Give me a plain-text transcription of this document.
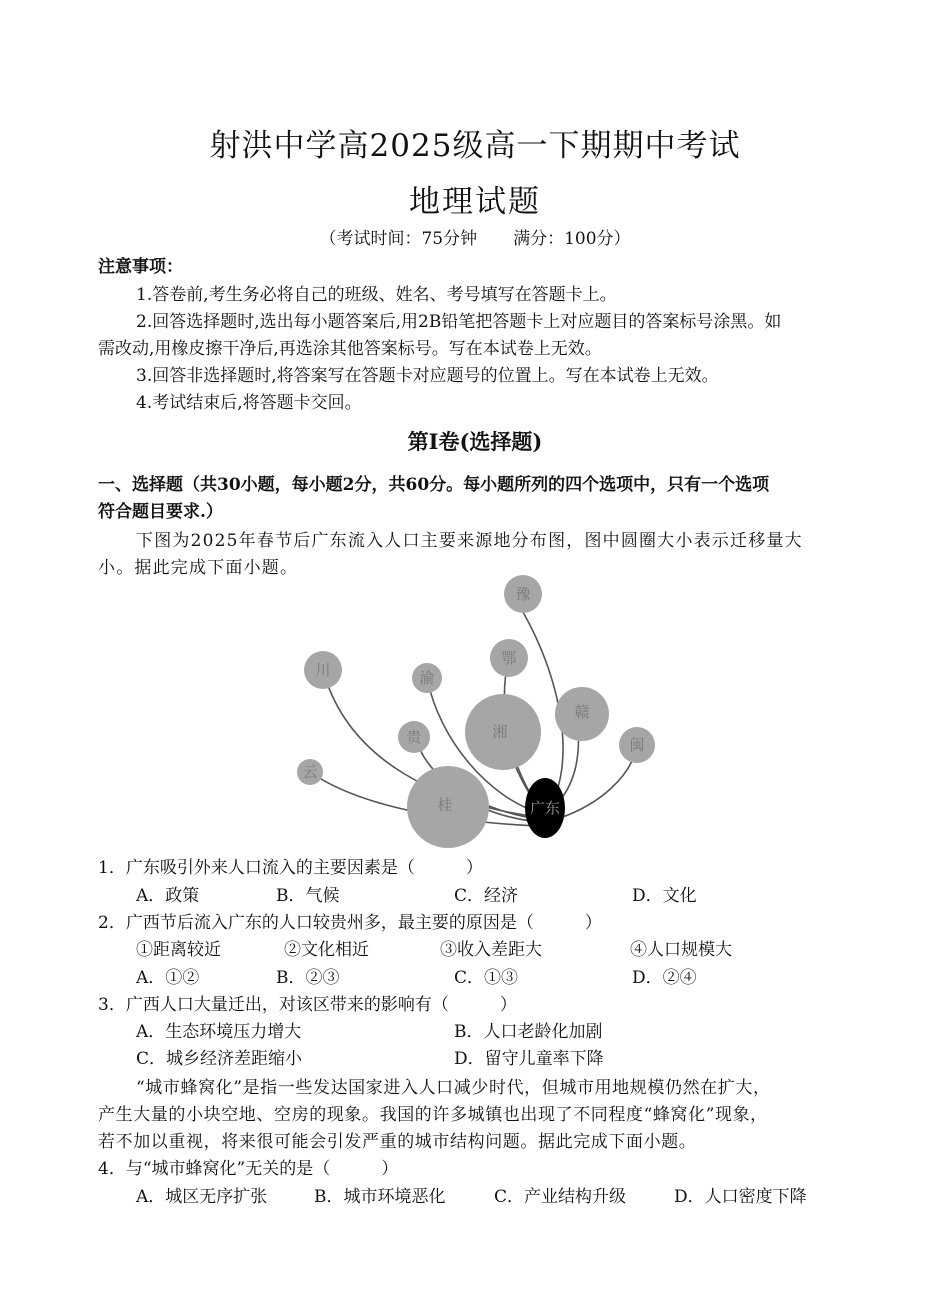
射洪中学高2025级高一下期期中考试
地理试题
（考试时间：75分钟 满分：100分）
注意事项：
1.答卷前,考生务必将自己的班级、姓名、考号填写在答题卡上。
2.回答选择题时,选出每小题答案后,用2B铅笔把答题卡上对应题目的答案标号涂黑。如
需改动,用橡皮擦干净后,再选涂其他答案标号。写在本试卷上无效。
3.回答非选择题时,将答案写在答题卡对应题号的位置上。写在本试卷上无效。
4.考试结束后,将答题卡交回。
第I卷(选择题)
一、选择题（共30小题，每小题2分，共60分。每小题所列的四个选项中，只有一个选项
符合题目要求.）
下图为2025年春节后广东流入人口主要来源地分布图，图中圆圈大小表示迁移量大
小。据此完成下面小题。
豫
川
鄂
渝
湘
赣
贵	闽
云
桂	广东
1．广东吸引外来人口流入的主要因素是（　　　）
A．政策	B．气候	C．经济	D．文化
2．广西节后流入广东的人口较贵州多，最主要的原因是（　　　）
①距离较近	②文化相近	③收入差距大	④人口规模大
A．①②	B．②③	C．①③	D．②④
3．广西人口大量迁出，对该区带来的影响有（　　　）
A．生态环境压力增大	B．人口老龄化加剧
C．城乡经济差距缩小	D．留守儿童率下降
“城市蜂窝化”是指一些发达国家进入人口减少时代，但城市用地规模仍然在扩大，
产生大量的小块空地、空房的现象。我国的许多城镇也出现了不同程度“蜂窝化”现象，
若不加以重视，将来很可能会引发严重的城市结构问题。据此完成下面小题。
4．与“城市蜂窝化”无关的是（　　　）
A．城区无序扩张	B．城市环境恶化	C．产业结构升级	D．人口密度下降
